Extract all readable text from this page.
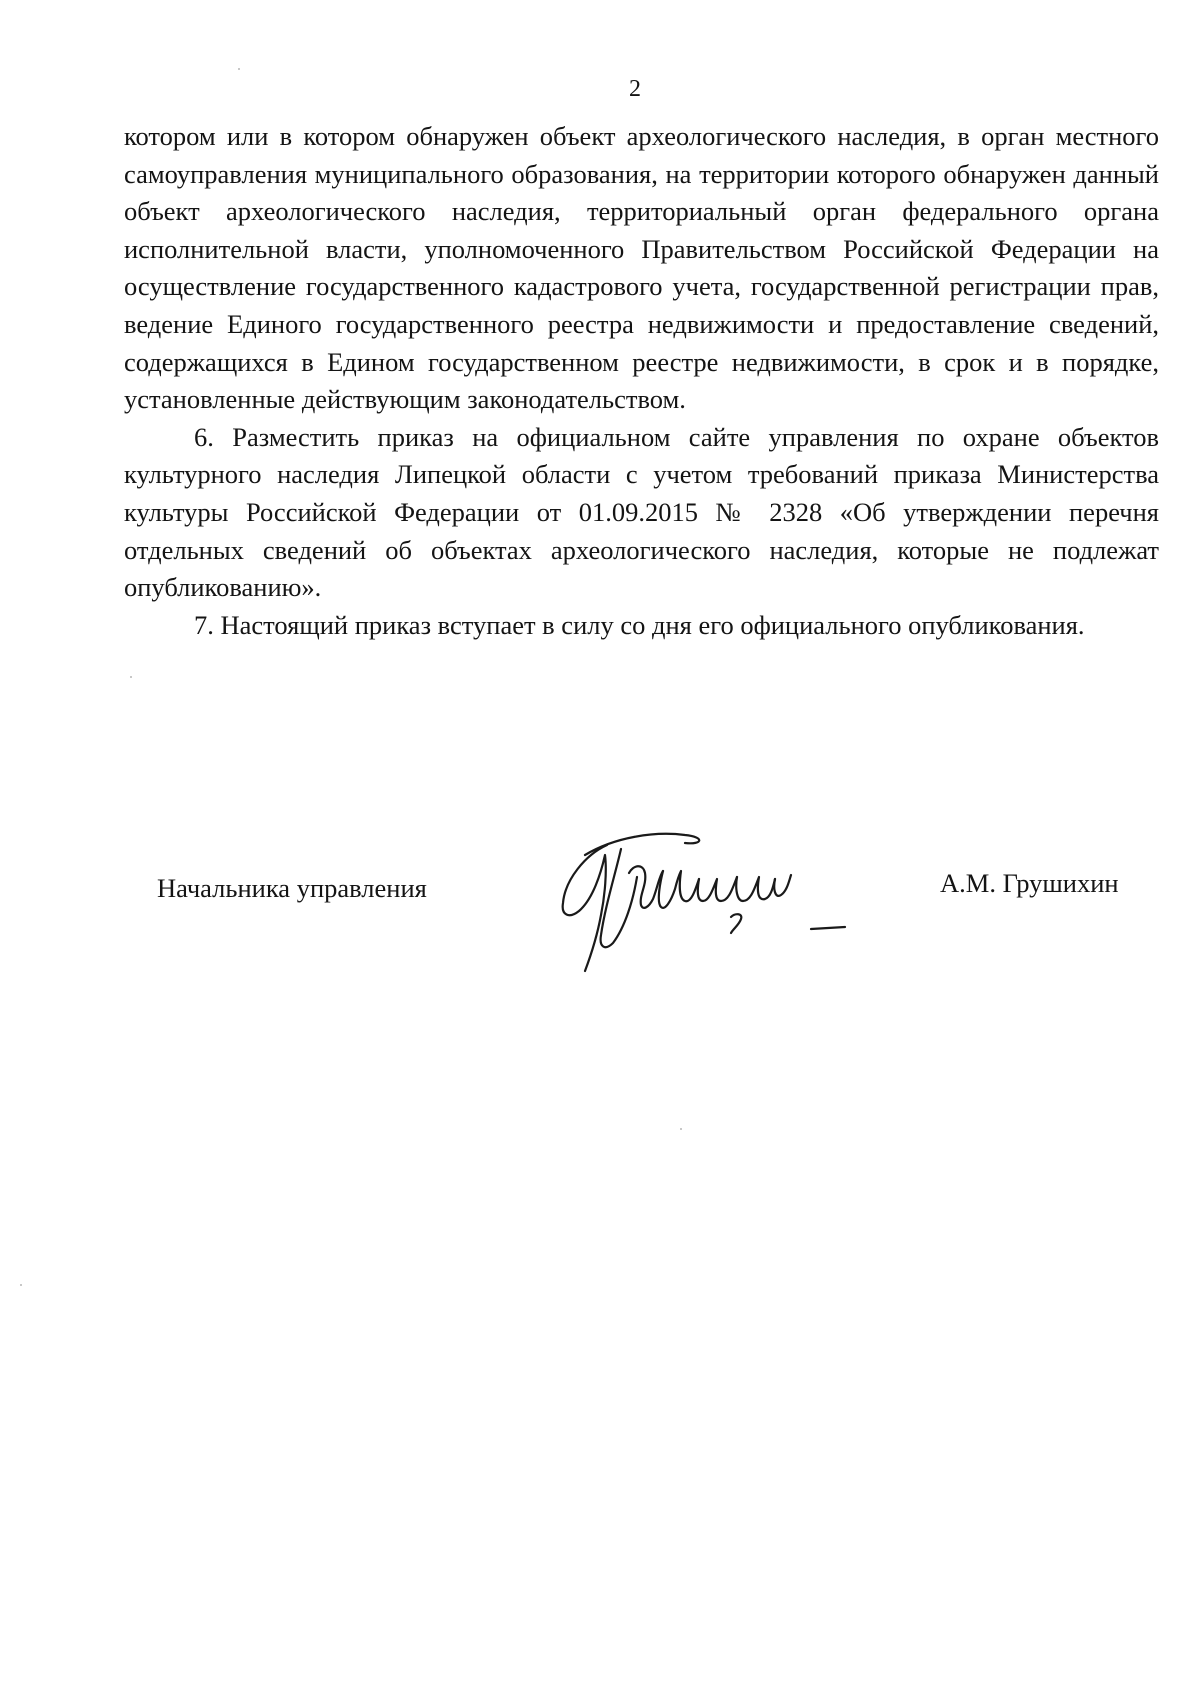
2

котором или в котором обнаружен объект археологического наследия, в орган местного самоуправления муниципального образования, на территории которого обнаружен данный объект археологического наследия, территориальный орган федерального органа исполнительной власти, уполномоченного Правительством Российской Федерации на осуществление государственного кадастрового учета, государственной регистрации прав, ведение Единого государственного реестра недвижимости и предоставление сведений, содержащихся в Едином государственном реестре недвижимости, в срок и в порядке, установленные действующим законодательством.

6. Разместить приказ на официальном сайте управления по охране объектов культурного наследия Липецкой области с учетом требований приказа Министерства культуры Российской Федерации от 01.09.2015 № 2328 «Об утверждении перечня отдельных сведений об объектах археологического наследия, которые не подлежат опубликованию».

7. Настоящий приказ вступает в силу со дня его официального опубликования.

Начальника управления	А.М. Грушихин
